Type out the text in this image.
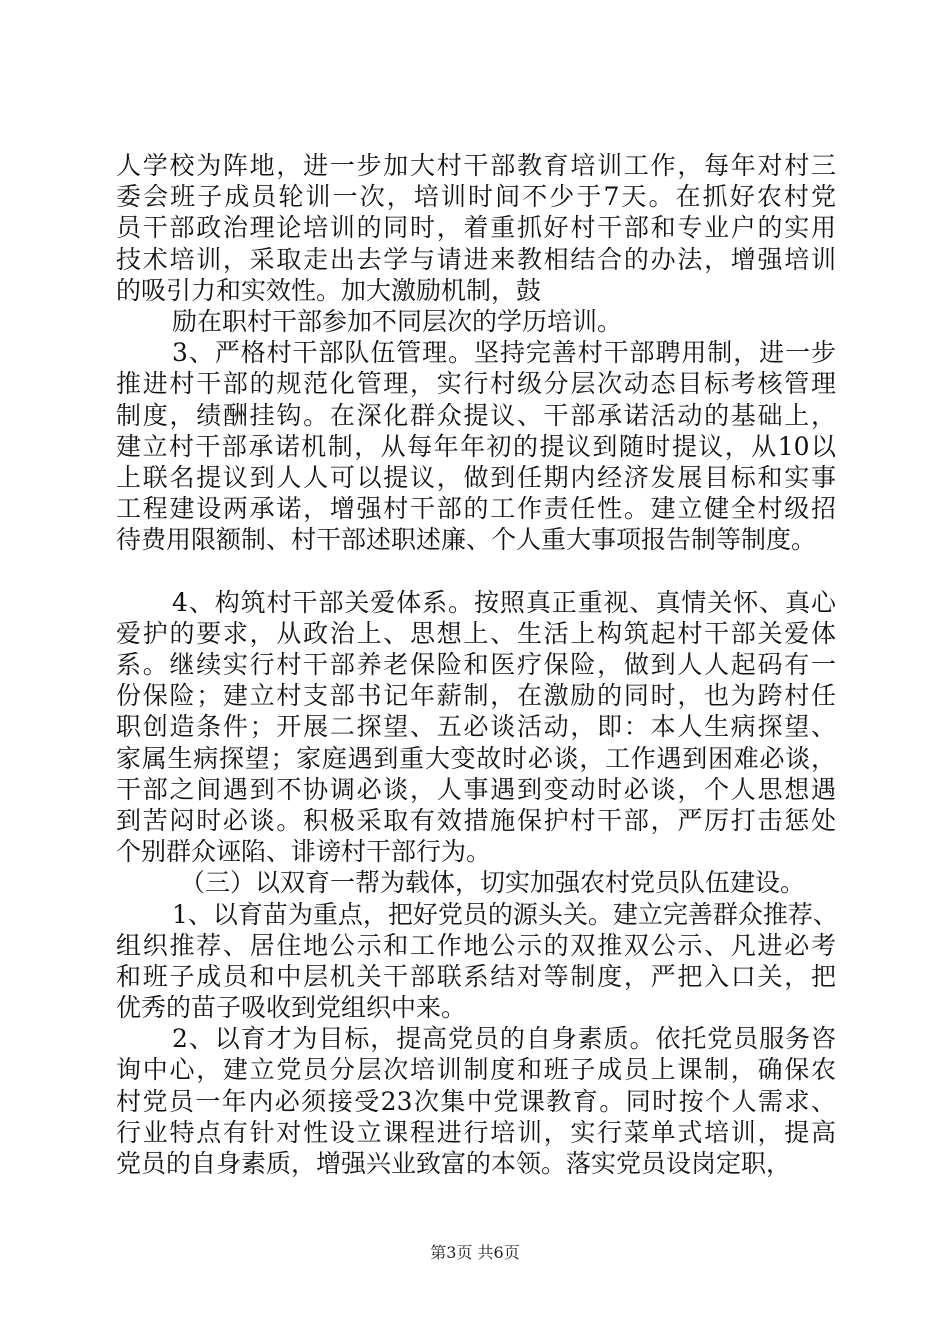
人学校为阵地，进一步加大村干部教育培训工作，每年对村三
委会班子成员轮训一次，培训时间不少于7天。在抓好农村党
员干部政治理论培训的同时，着重抓好村干部和专业户的实用
技术培训，采取走出去学与请进来教相结合的办法，增强培训
的吸引力和实效性。加大激励机制，鼓
励在职村干部参加不同层次的学历培训。
3、严格村干部队伍管理。坚持完善村干部聘用制，进一步
推进村干部的规范化管理，实行村级分层次动态目标考核管理
制度，绩酬挂钩。在深化群众提议、干部承诺活动的基础上，
建立村干部承诺机制，从每年年初的提议到随时提议，从10以
上联名提议到人人可以提议，做到任期内经济发展目标和实事
工程建设两承诺，增强村干部的工作责任性。建立健全村级招
待费用限额制、村干部述职述廉、个人重大事项报告制等制度。
4、构筑村干部关爱体系。按照真正重视、真情关怀、真心
爱护的要求，从政治上、思想上、生活上构筑起村干部关爱体
系。继续实行村干部养老保险和医疗保险，做到人人起码有一
份保险；建立村支部书记年薪制，在激励的同时，也为跨村任
职创造条件；开展二探望、五必谈活动，即：本人生病探望、
家属生病探望；家庭遇到重大变故时必谈，工作遇到困难必谈，
干部之间遇到不协调必谈，人事遇到变动时必谈，个人思想遇
到苦闷时必谈。积极采取有效措施保护村干部，严厉打击惩处
个别群众诬陷、诽谤村干部行为。
（三）以双育一帮为载体，切实加强农村党员队伍建设。
1、以育苗为重点，把好党员的源头关。建立完善群众推荐、
组织推荐、居住地公示和工作地公示的双推双公示、凡进必考
和班子成员和中层机关干部联系结对等制度，严把入口关，把
优秀的苗子吸收到党组织中来。
2、以育才为目标，提高党员的自身素质。依托党员服务咨
询中心，建立党员分层次培训制度和班子成员上课制，确保农
村党员一年内必须接受23次集中党课教育。同时按个人需求、
行业特点有针对性设立课程进行培训，实行菜单式培训，提高
党员的自身素质，增强兴业致富的本领。落实党员设岗定职，
第3页 共6页
